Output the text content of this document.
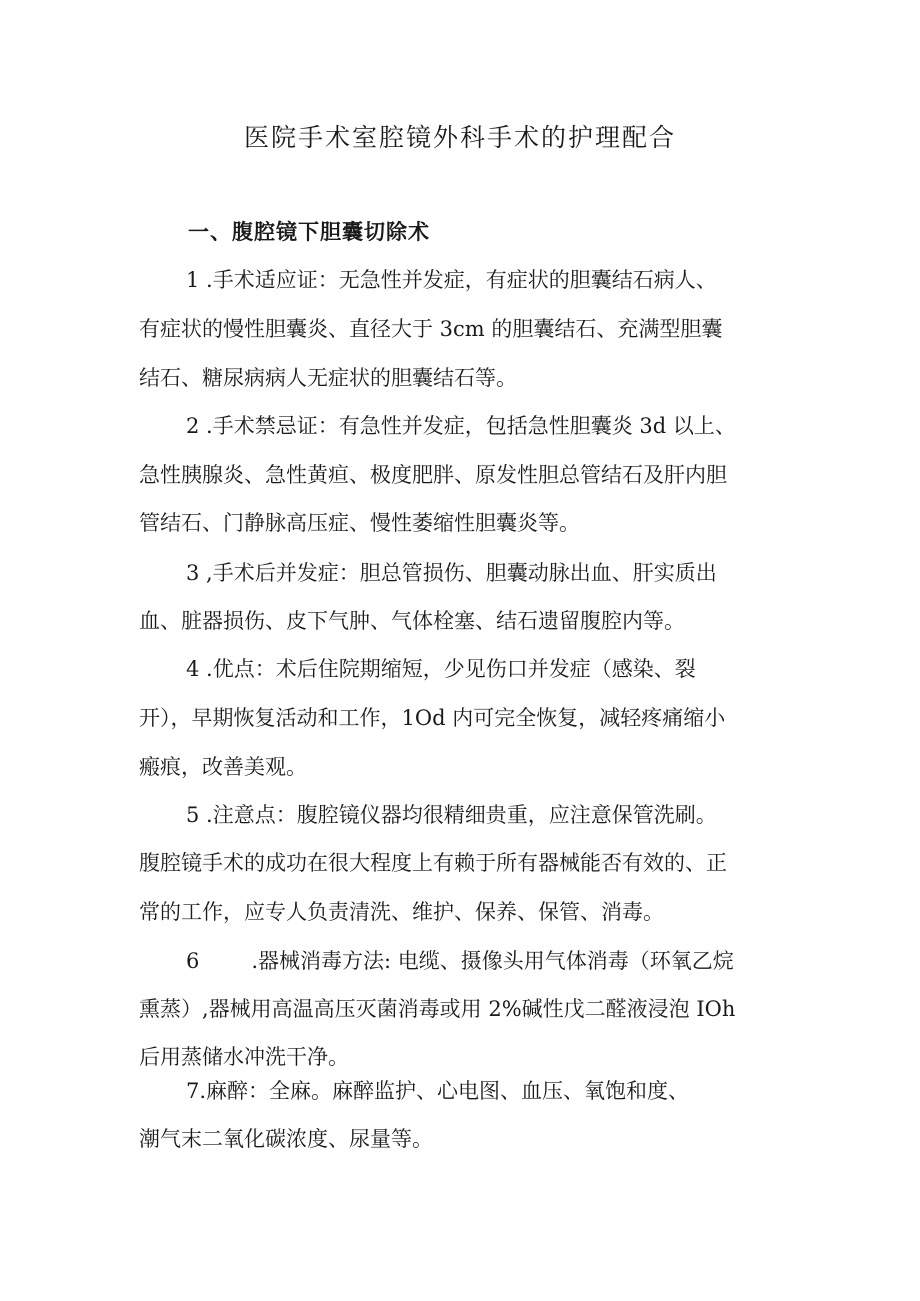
医院手术室腔镜外科手术的护理配合
一、腹腔镜下胆囊切除术

1 .手术适应证：无急性并发症，有症状的胆囊结石病人、

有症状的慢性胆囊炎、直径大于 3cm 的胆囊结石、充满型胆囊

结石、糖尿病病人无症状的胆囊结石等。

2 .手术禁忌证：有急性并发症，包括急性胆囊炎 3d 以上、

急性胰腺炎、急性黄疸、极度肥胖、原发性胆总管结石及肝内胆

管结石、门静脉高压症、慢性萎缩性胆囊炎等。

3 ,手术后并发症：胆总管损伤、胆囊动脉出血、肝实质出

血、脏器损伤、皮下气肿、气体栓塞、结石遗留腹腔内等。

4 .优点：术后住院期缩短，少见伤口并发症（感染、裂

开），早期恢复活动和工作，1Od 内可完全恢复，减轻疼痛缩小

瘢痕，改善美观。

5 .注意点：腹腔镜仪器均很精细贵重，应注意保管洗刷。

腹腔镜手术的成功在很大程度上有赖于所有器械能否有效的、正

常的工作，应专人负责清洗、维护、保养、保管、消毒。

6 .器械消毒方法: 电缆、摄像头用气体消毒（环氧乙烷

熏蒸）,器械用高温高压灭菌消毒或用 2%碱性戊二醛液浸泡 IOh

后用蒸储水冲洗干净。

7.麻醉：全麻。麻醉监护、心电图、血压、氧饱和度、

潮气末二氧化碳浓度、尿量等。
